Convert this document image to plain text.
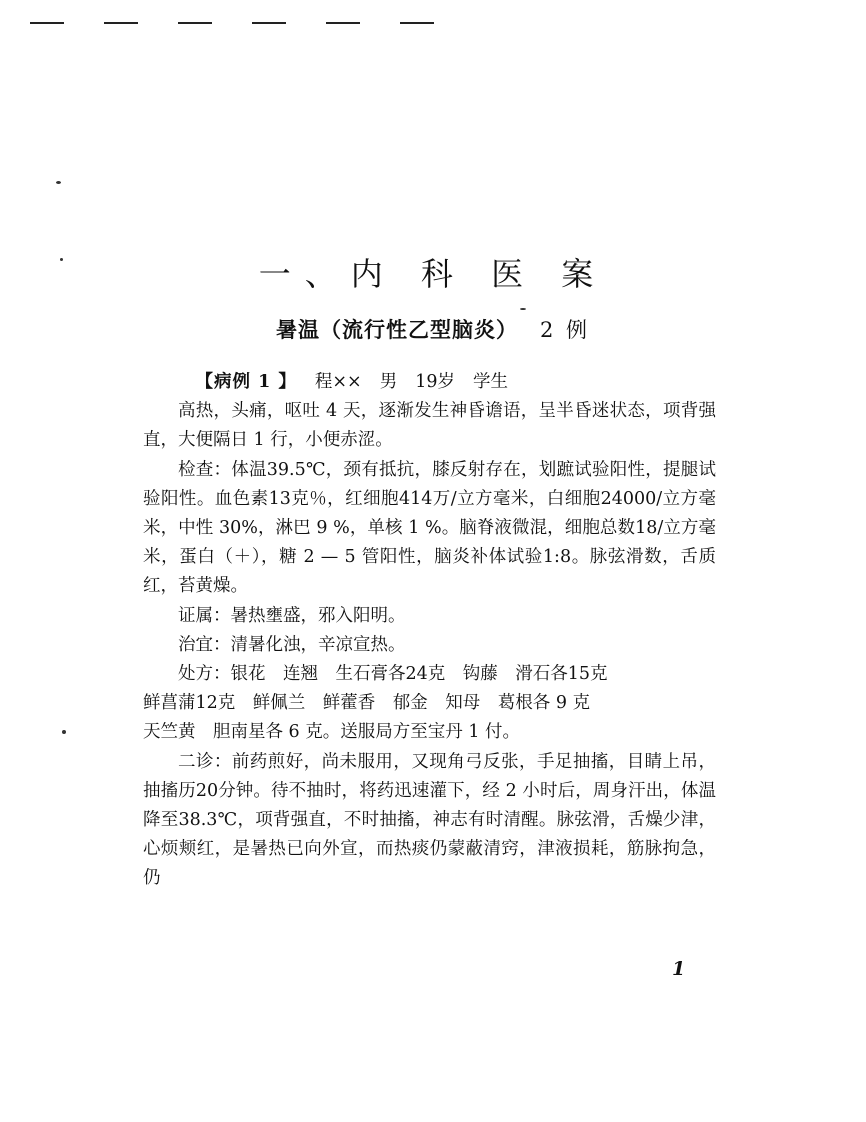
一、内 科 医 案
暑温（流行性乙型脑炎） 2 例

【病例 1 】 程×× 男 19岁 学生

高热，头痛，呕吐 4 天，逐渐发生神昏谵语，呈半昏迷状态，项背强直，大便隔日 1 行，小便赤涩。

检查：体温39.5℃，颈有抵抗，膝反射存在，划蹠试验阳性，提腿试验阳性。血色素13克％，红细胞414万/立方毫米，白细胞24000/立方毫米，中性 30%，淋巴 9 %，单核 1 %。脑脊液微混，细胞总数18/立方毫米，蛋白（＋），糖 2 — 5 管阳性，脑炎补体试验1:8。脉弦滑数，舌质红，苔黄燥。

证属：暑热壅盛，邪入阳明。

治宜：清暑化浊，辛凉宣热。

处方：银花　连翘　生石膏各24克　钩藤　滑石各15克

鲜菖蒲12克　鲜佩兰　鲜藿香　郁金　知母　葛根各 9 克

天竺黄　胆南星各 6 克。送服局方至宝丹 1 付。

二诊：前药煎好，尚未服用，又现角弓反张，手足抽搐，目睛上吊，抽搐历20分钟。待不抽时，将药迅速灌下，经 2 小时后，周身汗出，体温降至38.3℃，项背强直，不时抽搐，神志有时清醒。脉弦滑，舌燥少津，心烦颊红，是暑热已向外宣，而热痰仍蒙蔽清窍，津液损耗，筋脉拘急，仍

1
